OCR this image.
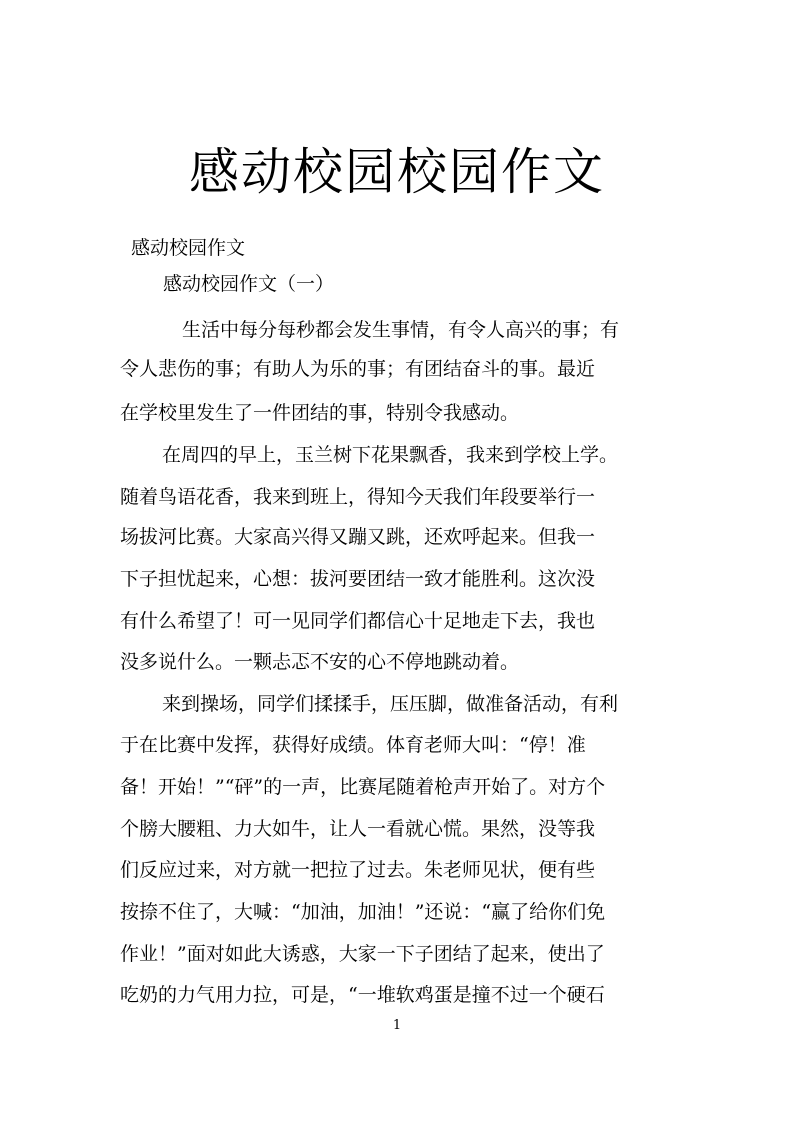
感动校园校园作文
感动校园作文
感动校园作文（一）
生活中每分每秒都会发生事情，有令人高兴的事；有
令人悲伤的事；有助人为乐的事；有团结奋斗的事。最近
在学校里发生了一件团结的事，特别令我感动。
在周四的早上，玉兰树下花果飘香，我来到学校上学。
随着鸟语花香，我来到班上，得知今天我们年段要举行一
场拔河比赛。大家高兴得又蹦又跳，还欢呼起来。但我一
下子担忧起来，心想：拔河要团结一致才能胜利。这次没
有什么希望了！可一见同学们都信心十足地走下去，我也
没多说什么。一颗忐忑不安的心不停地跳动着。
来到操场，同学们揉揉手，压压脚，做准备活动，有利
于在比赛中发挥，获得好成绩。体育老师大叫：“停！准
备！开始！”“砰”的一声，比赛尾随着枪声开始了。对方个
个膀大腰粗、力大如牛，让人一看就心慌。果然，没等我
们反应过来，对方就一把拉了过去。朱老师见状，便有些
按捺不住了，大喊：“加油，加油！”还说：“赢了给你们免
作业！”面对如此大诱惑，大家一下子团结了起来，使出了
吃奶的力气用力拉，可是，“一堆软鸡蛋是撞不过一个硬石
1
